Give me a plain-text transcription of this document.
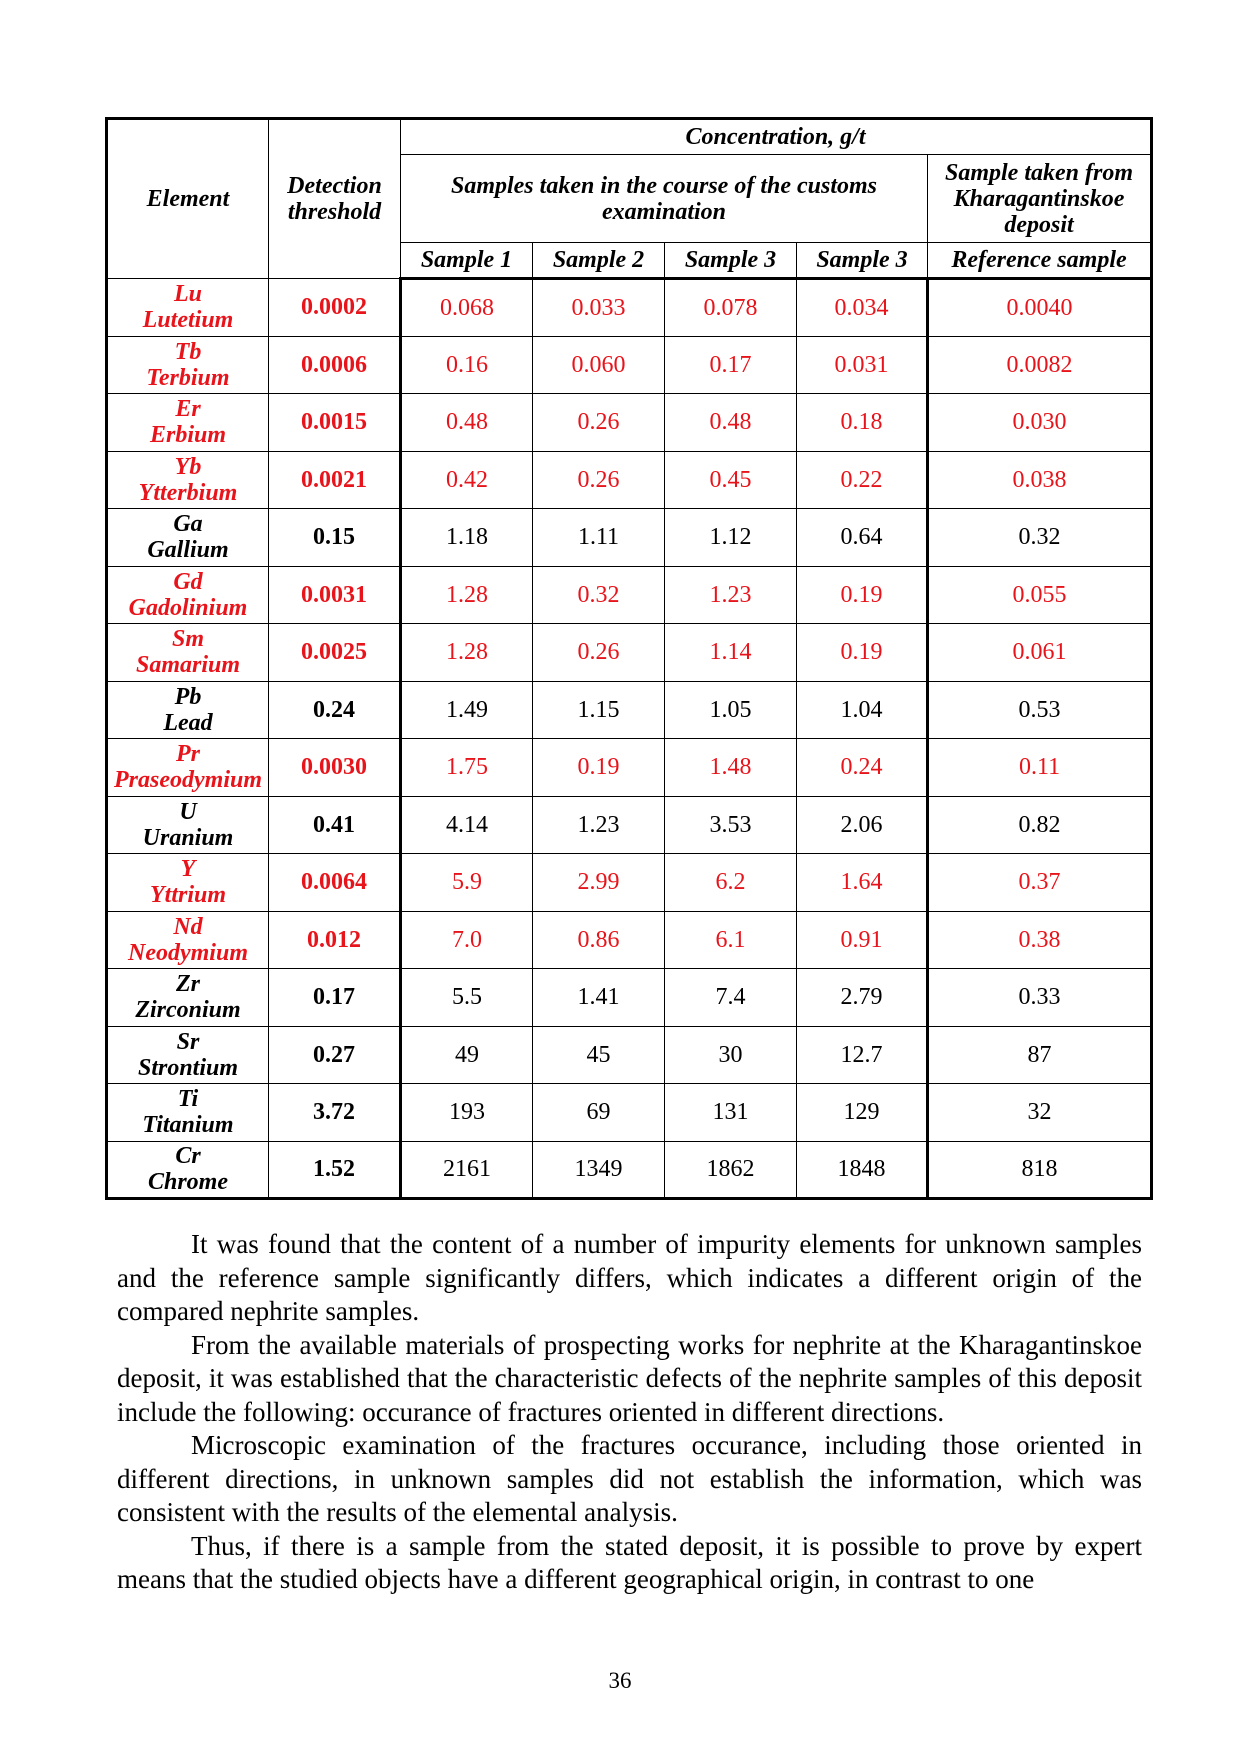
Element	Detection threshold	Concentration, g/t				
		Samples taken in the course of the customs examination				Sample taken from Kharagantinskoe deposit
		Sample 1	Sample 2	Sample 3	Sample 3	Reference sample

Lu
Lutetium	0.0002	0.068	0.033	0.078	0.034	0.0040

Tb
Terbium	0.0006	0.16	0.060	0.17	0.031	0.0082

Er
Erbium	0.0015	0.48	0.26	0.48	0.18	0.030

Yb
Ytterbium	0.0021	0.42	0.26	0.45	0.22	0.038

Ga
Gallium	0.15	1.18	1.11	1.12	0.64	0.32

Gd
Gadolinium	0.0031	1.28	0.32	1.23	0.19	0.055

Sm
Samarium	0.0025	1.28	0.26	1.14	0.19	0.061

Pb
Lead	0.24	1.49	1.15	1.05	1.04	0.53

Pr
Praseodymium	0.0030	1.75	0.19	1.48	0.24	0.11

U
Uranium	0.41	4.14	1.23	3.53	2.06	0.82

Y
Yttrium	0.0064	5.9	2.99	6.2	1.64	0.37

Nd
Neodymium	0.012	7.0	0.86	6.1	0.91	0.38

Zr
Zirconium	0.17	5.5	1.41	7.4	2.79	0.33

Sr
Strontium	0.27	49	45	30	12.7	87

Ti
Titanium	3.72	193	69	131	129	32

Cr
Chrome	1.52	2161	1349	1862	1848	818

It was found that the content of a number of impurity elements for unknown samples and the reference sample significantly differs, which indicates a different origin of the compared nephrite samples.

From the available materials of prospecting works for nephrite at the Kharagantinskoe deposit, it was established that the characteristic defects of the nephrite samples of this deposit include the following: occurance of fractures oriented in different directions.

Microscopic examination of the fractures occurance, including those oriented in different directions, in unknown samples did not establish the information, which was consistent with the results of the elemental analysis.

Thus, if there is a sample from the stated deposit, it is possible to prove by expert means that the studied objects have a different geographical origin, in contrast to one

36
